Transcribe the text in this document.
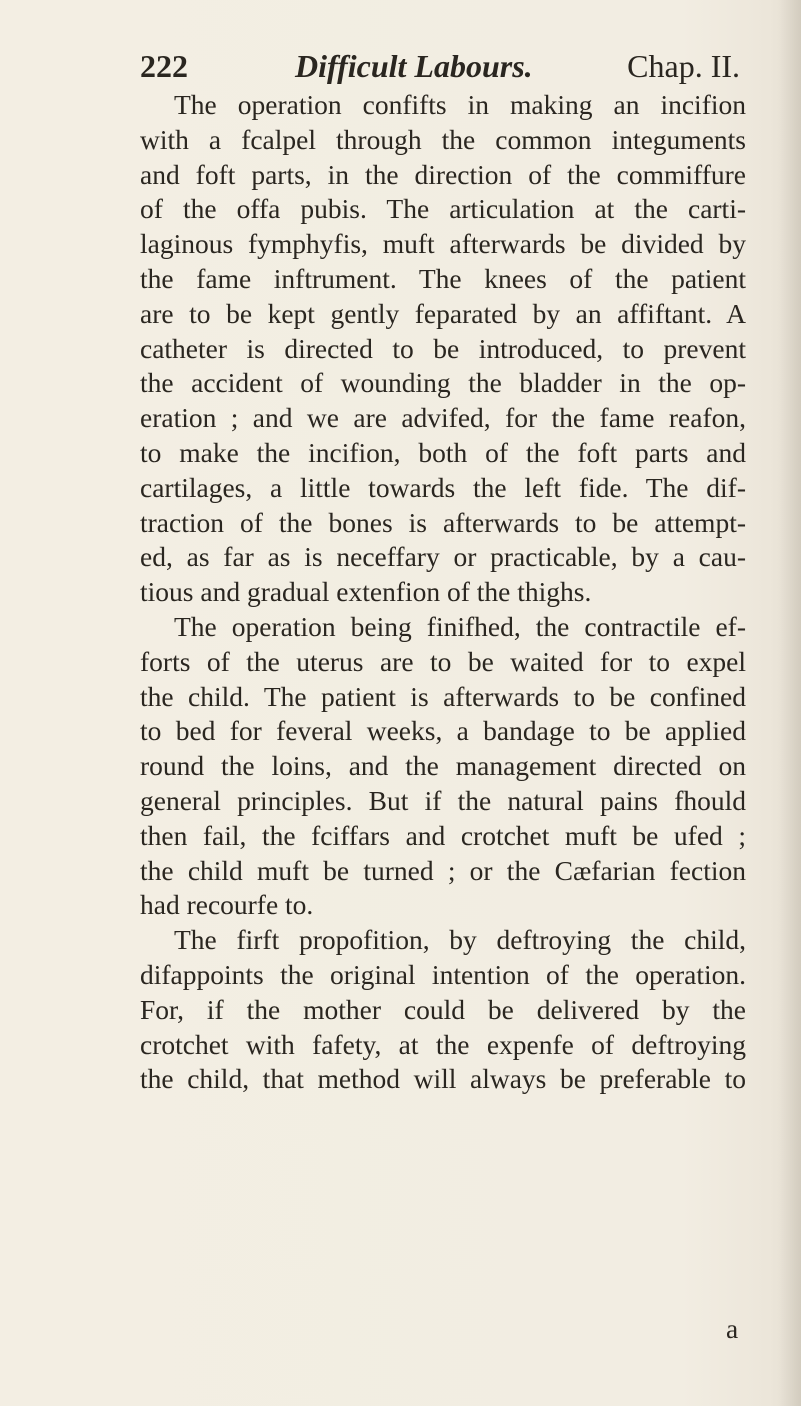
222	Difficult Labours.	Chap. II.
The operation confifts in making an incifion
with a fcalpel through the common integuments
and foft parts, in the direction of the commiffure
of the offa pubis. The articulation at the carti-
laginous fymphyfis, muft afterwards be divided by
the fame inftrument. The knees of the patient
are to be kept gently feparated by an affiftant. A
catheter is directed to be introduced, to prevent
the accident of wounding the bladder in the op-
eration ; and we are advifed, for the fame reafon,
to make the incifion, both of the foft parts and
cartilages, a little towards the left fide. The dif-
traction of the bones is afterwards to be attempt-
ed, as far as is neceffary or practicable, by a cau-
tious and gradual extenfion of the thighs.
The operation being finifhed, the contractile ef-
forts of the uterus are to be waited for to expel
the child. The patient is afterwards to be confined
to bed for feveral weeks, a bandage to be applied
round the loins, and the management directed on
general principles. But if the natural pains fhould
then fail, the fciffars and crotchet muft be ufed ;
the child muft be turned ; or the Cæfarian fection
had recourfe to.
The firft propofition, by deftroying the child,
difappoints the original intention of the operation.
For, if the mother could be delivered by the
crotchet with fafety, at the expenfe of deftroying
the child, that method will always be preferable to
a
